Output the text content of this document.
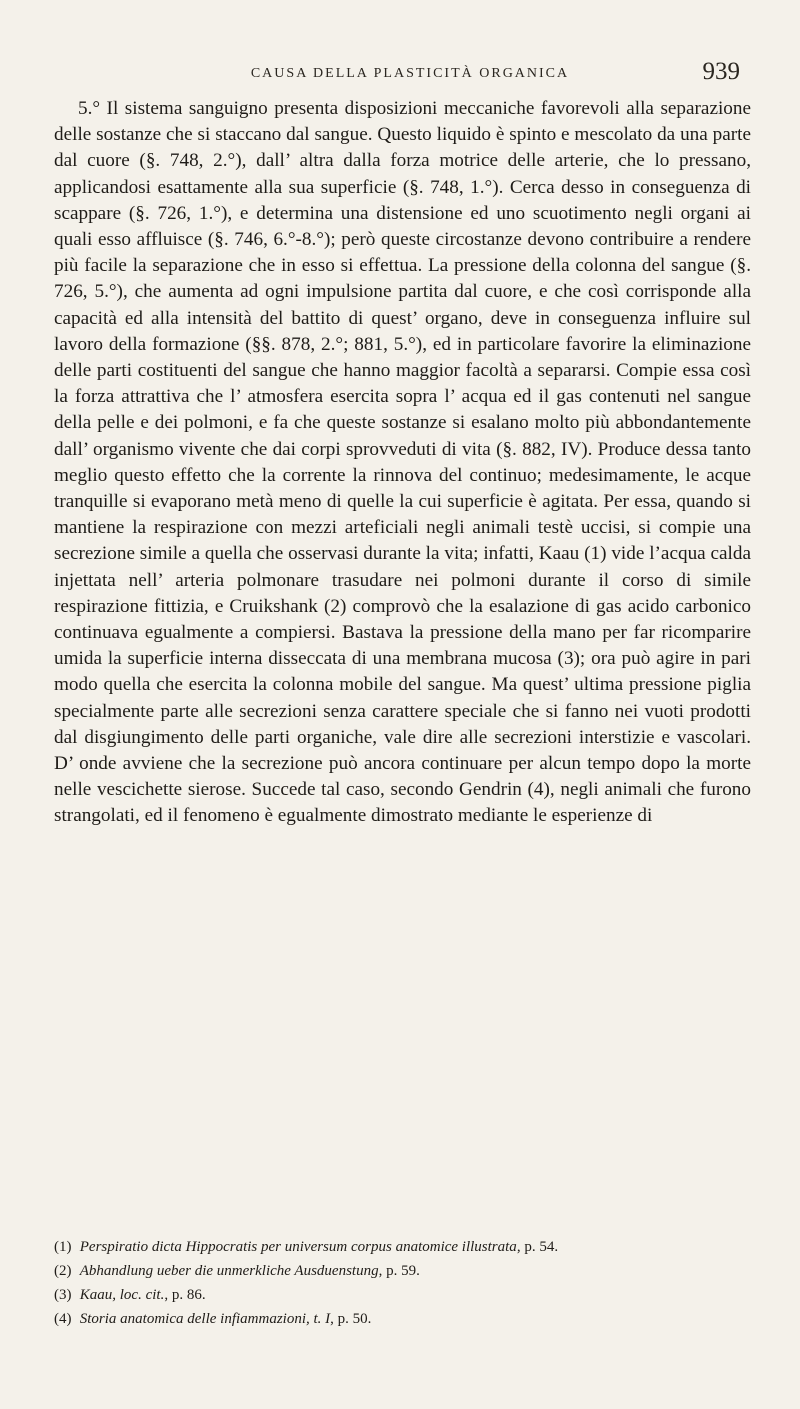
CAUSA DELLA PLASTICITÀ ORGANICA	939

5.° Il sistema sanguigno presenta disposizioni meccaniche favorevoli alla separazione delle sostanze che si staccano dal sangue. Questo liquido è spinto e mescolato da una parte dal cuore (§. 748, 2.°), dall’ altra dalla forza motrice delle arterie, che lo pressano, applicandosi esattamente alla sua superficie (§. 748, 1.°). Cerca desso in conseguenza di scappare (§. 726, 1.°), e determina una distensione ed uno scuotimento negli organi ai quali esso affluisce (§. 746, 6.°-8.°); però queste circostanze devono contribuire a rendere più facile la separazione che in esso si effettua. La pressione della colonna del sangue (§. 726, 5.°), che aumenta ad ogni impulsione partita dal cuore, e che così corrisponde alla capacità ed alla intensità del battito di quest’ organo, deve in conseguenza influire sul lavoro della formazione (§§. 878, 2.°; 881, 5.°), ed in particolare favorire la eliminazione delle parti costituenti del sangue che hanno maggior facoltà a separarsi. Compie essa così la forza attrattiva che l’ atmosfera esercita sopra l’ acqua ed il gas contenuti nel sangue della pelle e dei polmoni, e fa che queste sostanze si esalano molto più abbondantemente dall’ organismo vivente che dai corpi sprovveduti di vita (§. 882, IV). Produce dessa tanto meglio questo effetto che la corrente la rinnova del continuo; medesimamente, le acque tranquille si evaporano metà meno di quelle la cui superficie è agitata. Per essa, quando si mantiene la respirazione con mezzi arteficiali negli animali testè uccisi, si compie una secrezione simile a quella che osservasi durante la vita; infatti, Kaau (1) vide l’acqua calda injettata nell’ arteria polmonare trasudare nei polmoni durante il corso di simile respirazione fittizia, e Cruikshank (2) comprovò che la esalazione di gas acido carbonico continuava egualmente a compiersi. Bastava la pressione della mano per far ricomparire umida la superficie interna disseccata di una membrana mucosa (3); ora può agire in pari modo quella che esercita la colonna mobile del sangue. Ma quest’ ultima pressione piglia specialmente parte alle secrezioni senza carattere speciale che si fanno nei vuoti prodotti dal disgiungimento delle parti organiche, vale dire alle secrezioni interstizie e vascolari. D’ onde avviene che la secrezione può ancora continuare per alcun tempo dopo la morte nelle vescichette sierose. Succede tal caso, secondo Gendrin (4), negli animali che furono strangolati, ed il fenomeno è egualmente dimostrato mediante le esperienze di

(1) Perspiratio dicta Hippocratis per universum corpus anatomice illustrata, p. 54.

(2) Abhandlung ueber die unmerkliche Ausduenstung, p. 59.

(3) Kaau, loc. cit., p. 86.

(4) Storia anatomica delle infiammazioni, t. I, p. 50.
